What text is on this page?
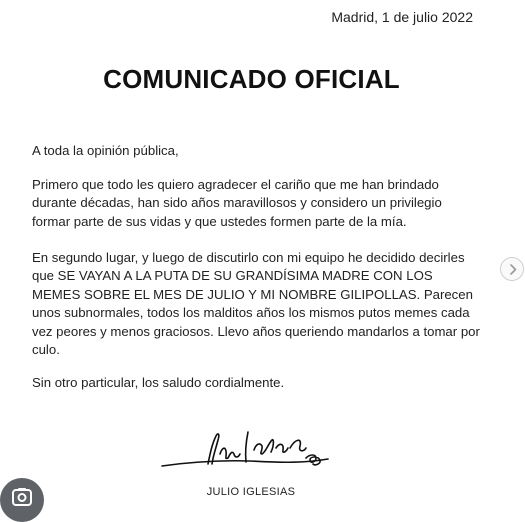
Madrid, 1 de julio 2022
COMUNICADO OFICIAL
A toda la opinión pública,
Primero que todo les quiero agradecer el cariño que me han brindado durante décadas, han sido años maravillosos y considero un privilegio formar parte de sus vidas y que ustedes formen parte de la mía.
En segundo lugar, y luego de discutirlo con mi equipo he decidido decirles que SE VAYAN A LA PUTA DE SU GRANDÍSIMA MADRE CON LOS MEMES SOBRE EL MES DE JULIO Y MI NOMBRE GILIPOLLAS. Parecen unos subnormales, todos los malditos años los mismos putos memes cada vez peores y menos graciosos. Llevo años queriendo mandarlos a tomar por culo.
Sin otro particular, los saludo cordialmente.
JULIO IGLESIAS
